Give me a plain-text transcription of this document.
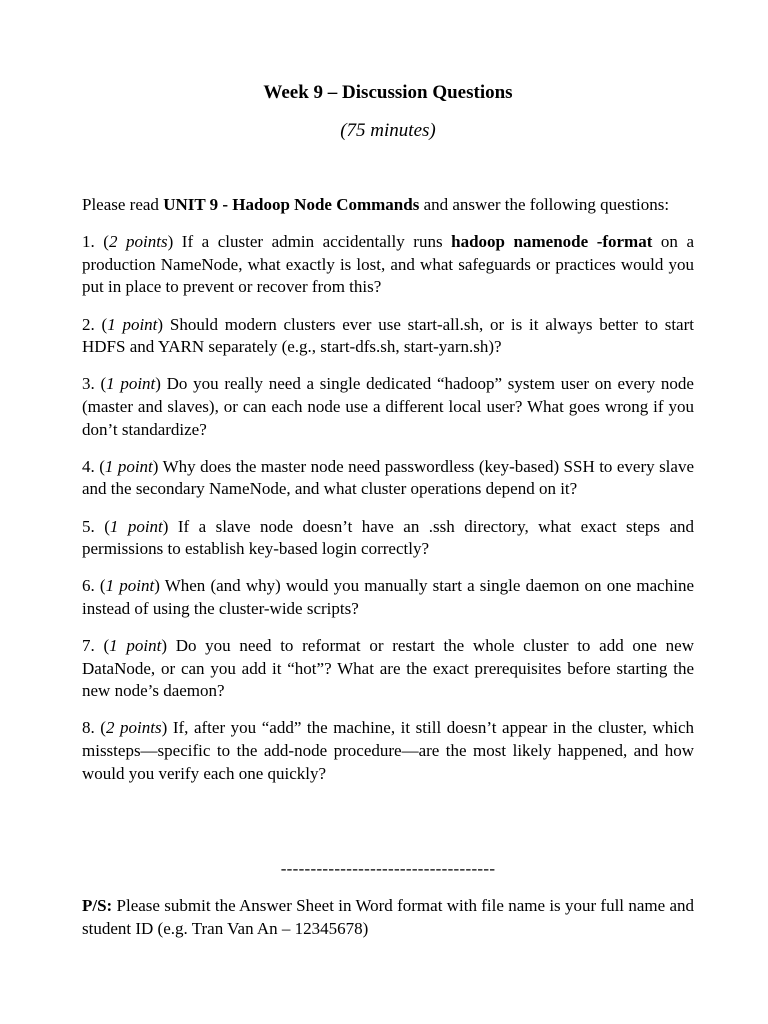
Week 9 – Discussion Questions
(75 minutes)

Please read UNIT 9 - Hadoop Node Commands and answer the following questions:

1. (2 points) If a cluster admin accidentally runs hadoop namenode -format on a production NameNode, what exactly is lost, and what safeguards or practices would you put in place to prevent or recover from this?

2. (1 point) Should modern clusters ever use start-all.sh, or is it always better to start HDFS and YARN separately (e.g., start-dfs.sh, start-yarn.sh)?

3. (1 point) Do you really need a single dedicated “hadoop” system user on every node (master and slaves), or can each node use a different local user? What goes wrong if you don’t standardize?

4. (1 point) Why does the master node need passwordless (key-based) SSH to every slave and the secondary NameNode, and what cluster operations depend on it?

5. (1 point) If a slave node doesn’t have an .ssh directory, what exact steps and permissions to establish key-based login correctly?

6. (1 point) When (and why) would you manually start a single daemon on one machine instead of using the cluster-wide scripts?

7. (1 point) Do you need to reformat or restart the whole cluster to add one new DataNode, or can you add it “hot”? What are the exact prerequisites before starting the new node’s daemon?

8. (2 points) If, after you “add” the machine, it still doesn’t appear in the cluster, which missteps—specific to the add-node procedure—are the most likely happened, and how would you verify each one quickly?

------------------------------------

P/S: Please submit the Answer Sheet in Word format with file name is your full name and student ID (e.g. Tran Van An – 12345678)
